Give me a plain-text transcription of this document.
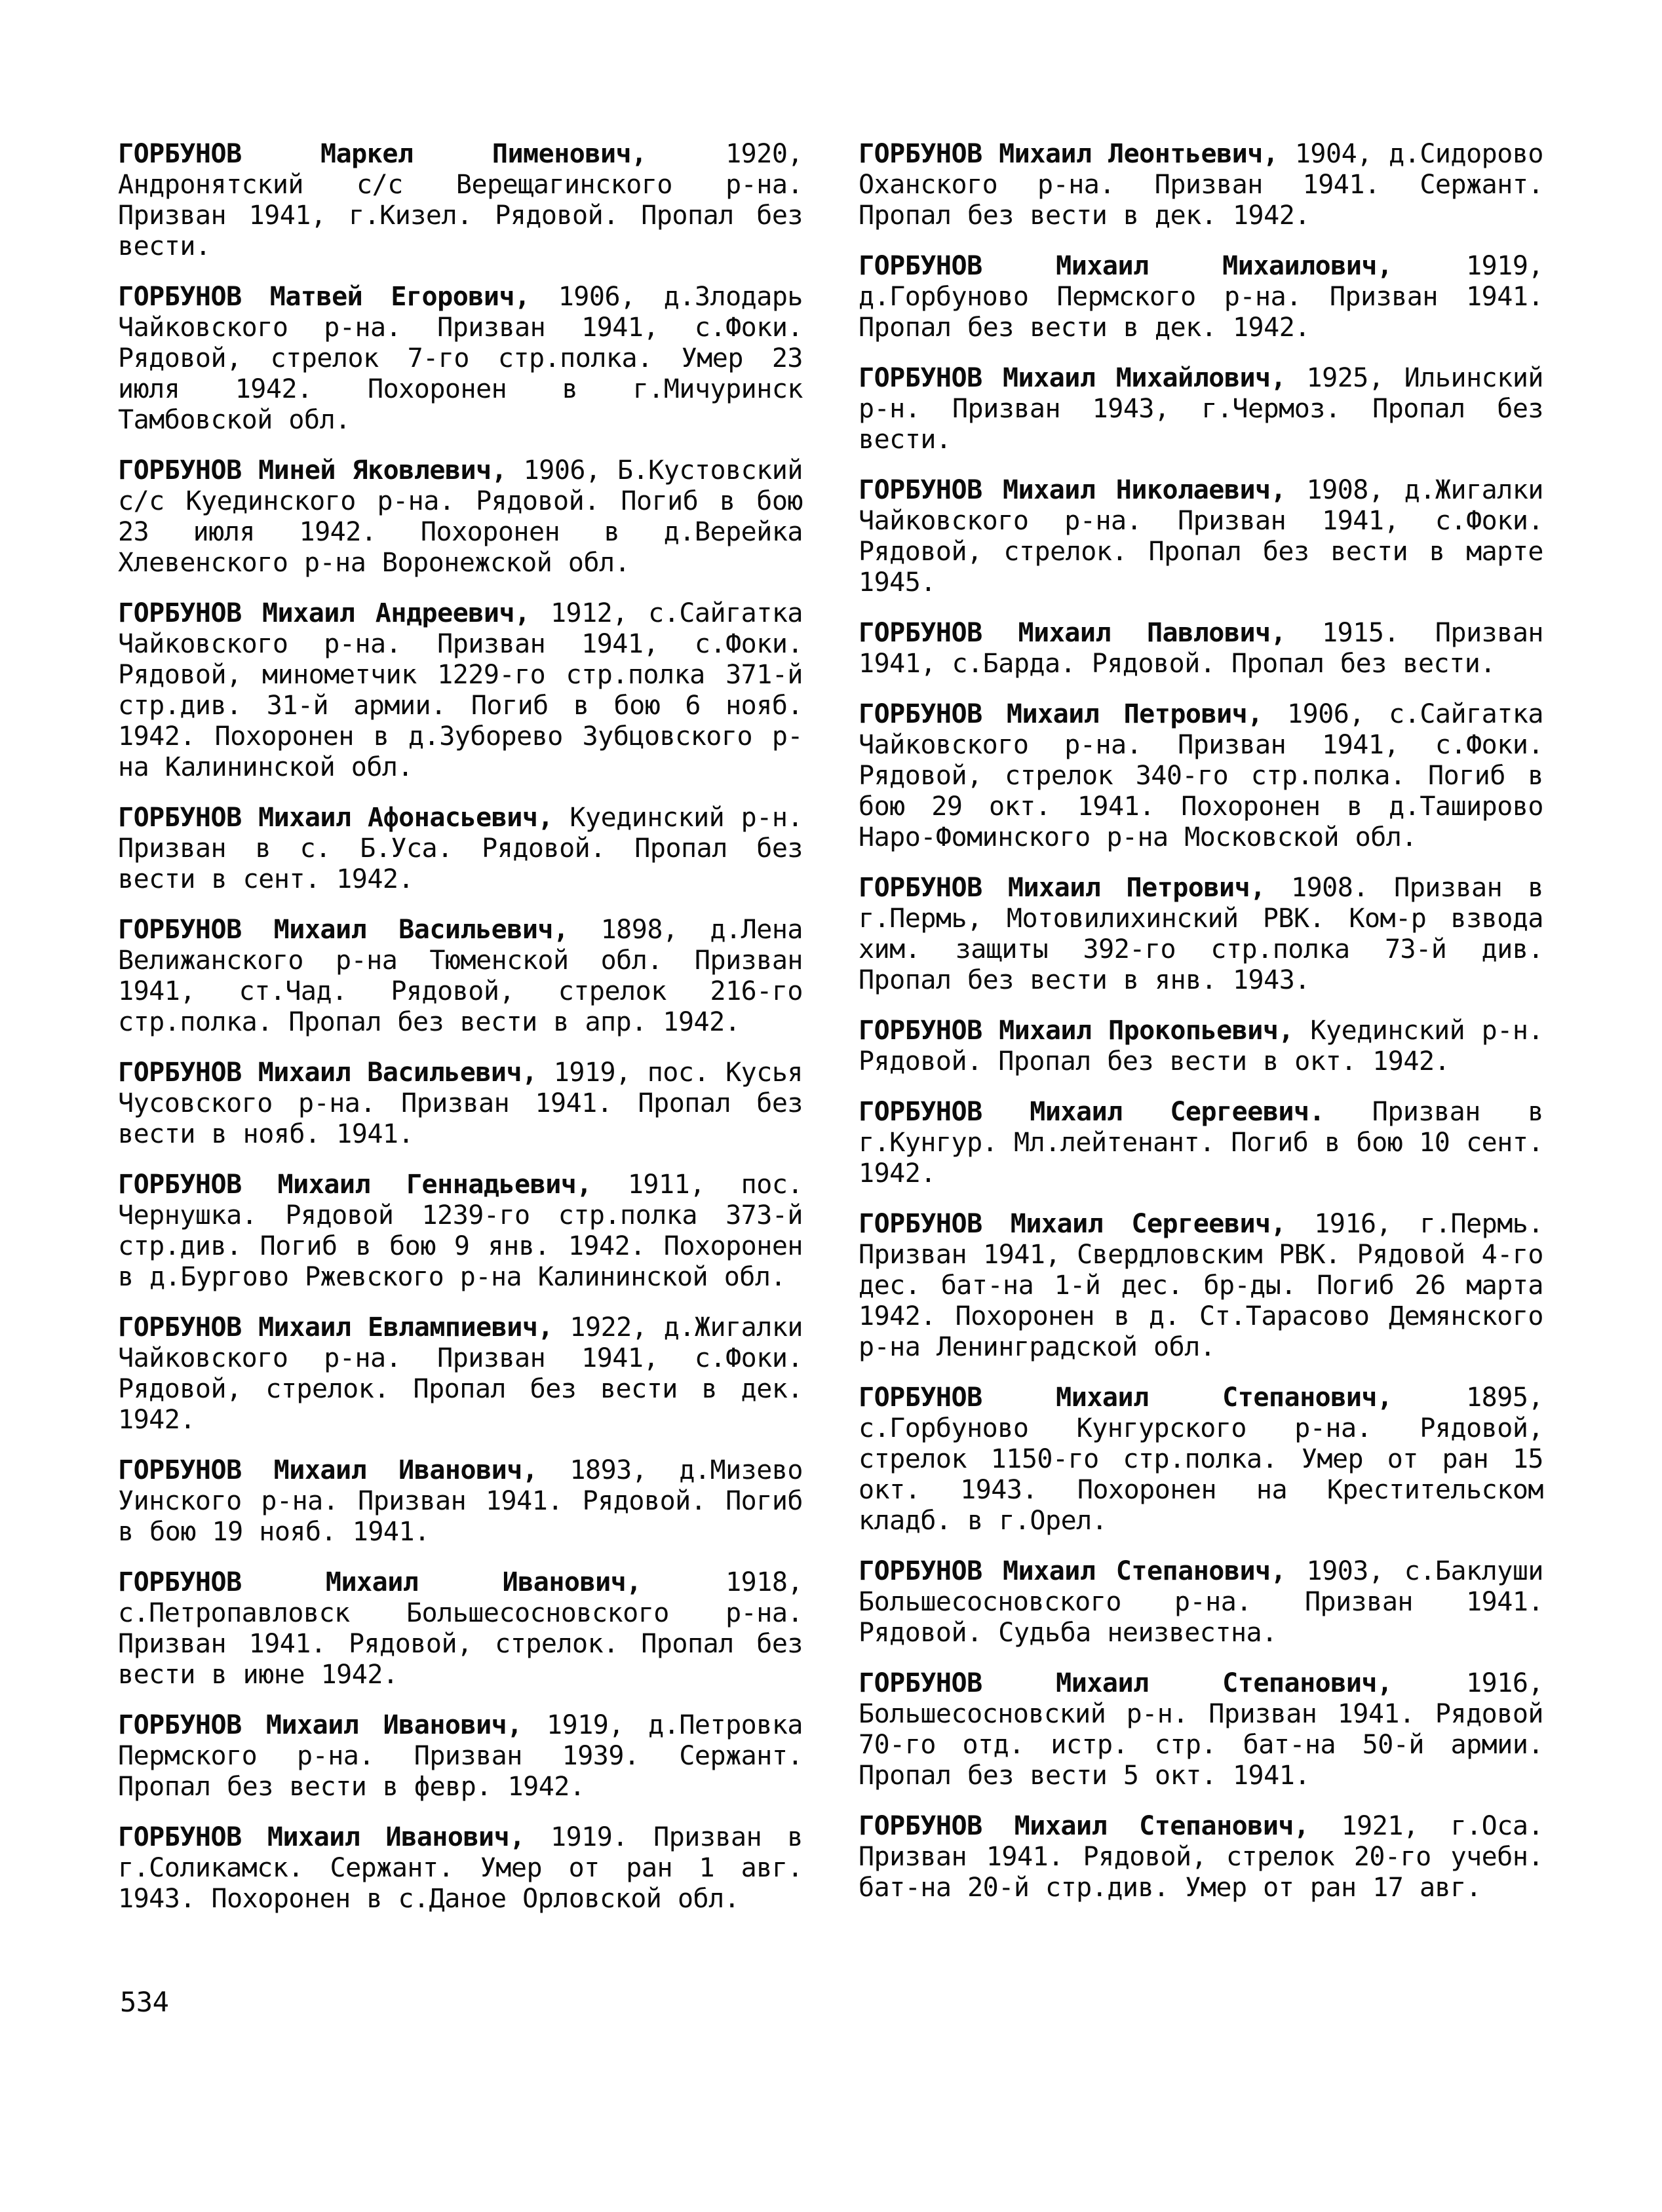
ГОРБУНОВ Маркел Пименович,	1920, Андронятский с/с Верещагинского р-на. Призван 1941, г.Кизел. Рядовой. Пропал без вести.

ГОРБУНОВ Матвей Егорович, 1906, д.Злодарь Чайковского р-на. Призван 1941, с.Фоки. Рядовой, стрелок 7-го стр.полка. Умер 23 июля 1942. Похоронен в г.Мичуринск Тамбовской обл.

ГОРБУНОВ Миней Яковлевич, 1906, Б.Кустовский с/с Куединского р-на. Рядовой. Погиб в бою 23 июля 1942. Похоронен в д.Верейка Хлевенского р-на Воронежской обл.

ГОРБУНОВ Михаил Андреевич, 1912, с.Сайгатка Чайковского р-на. Призван 1941, с.Фоки. Рядовой, минометчик 1229-го стр.полка 371-й стр.див. 31-й армии. Погиб в бою 6 нояб. 1942. Похоронен в д.Зуборево Зубцовского р-на Калининской обл.

ГОРБУНОВ Михаил Афонасьевич, Куединский р-н. Призван в с. Б.Уса. Рядовой. Пропал без вести в сент. 1942.

ГОРБУНОВ Михаил Васильевич, 1898, д.Лена Велижанского р-на Тюменской обл. Призван 1941, ст.Чад. Рядовой, стрелок 216-го стр.полка. Пропал без вести в апр. 1942.

ГОРБУНОВ Михаил Васильевич, 1919, пос. Кусья Чусовского р-на. Призван 1941. Пропал без вести в нояб. 1941.

ГОРБУНОВ Михаил Геннадьевич, 1911, пос. Чернушка. Рядовой 1239-го стр.полка 373-й стр.див. Погиб в бою 9 янв. 1942. Похоронен в д.Бургово Ржевского р-на Калининской обл.

ГОРБУНОВ Михаил Евлампиевич, 1922, д.Жигалки Чайковского р-на. Призван 1941, с.Фоки. Рядовой, стрелок. Пропал без вести в дек. 1942.

ГОРБУНОВ Михаил Иванович, 1893, д.Мизево Уинского р-на. Призван 1941. Рядовой. Погиб в бою 19 нояб. 1941.

ГОРБУНОВ Михаил Иванович,	1918, с.Петропавловск Большесосновского р-на. Призван 1941. Рядовой, стрелок. Пропал без вести в июне 1942.

ГОРБУНОВ Михаил Иванович, 1919, д.Петровка Пермского р-на. Призван 1939. Сержант. Пропал без вести в февр. 1942.

ГОРБУНОВ Михаил Иванович, 1919. Призван в г.Соликамск. Сержант. Умер от ран 1 авг. 1943. Похоронен в с.Даное Орловской обл.

ГОРБУНОВ Михаил Леонтьевич, 1904, д.Сидорово Оханского р-на. Призван 1941. Сержант. Пропал без вести в дек. 1942.

ГОРБУНОВ Михаил Михаилович,	1919, д.Горбуново Пермского р-на. Призван 1941. Пропал без вести в дек. 1942.

ГОРБУНОВ Михаил Михайлович, 1925, Ильинский р-н. Призван 1943, г.Чермоз. Пропал без вести.

ГОРБУНОВ Михаил Николаевич, 1908, д.Жигалки Чайковского р-на. Призван 1941, с.Фоки. Рядовой, стрелок. Пропал без вести в марте 1945.

ГОРБУНОВ Михаил Павлович, 1915. Призван 1941, с.Барда. Рядовой. Пропал без вести.

ГОРБУНОВ Михаил Петрович, 1906, с.Сайгатка Чайковского р-на. Призван 1941, с.Фоки. Рядовой, стрелок 340-го стр.полка. Погиб в бою 29 окт. 1941. Похоронен в д.Таширово Наро-Фоминского р-на Московской обл.

ГОРБУНОВ Михаил Петрович, 1908. Призван в г.Пермь, Мотовилихинский РВК. Ком-р взвода хим. защиты 392-го стр.полка 73-й див. Пропал без вести в янв. 1943.

ГОРБУНОВ Михаил Прокопьевич, Куединский р-н. Рядовой. Пропал без вести в окт. 1942.

ГОРБУНОВ Михаил Сергеевич. Призван в г.Кунгур. Мл.лейтенант. Погиб в бою 10 сент. 1942.

ГОРБУНОВ Михаил Сергеевич, 1916, г.Пермь. Призван 1941, Свердловским РВК. Рядовой 4-го дес. бат-на 1-й дес. бр-ды. Погиб 26 марта 1942. Похоронен в д. Ст.Тарасово Демянского р-на Ленинградской обл.

ГОРБУНОВ Михаил Степанович,	1895, с.Горбуново Кунгурского р-на. Рядовой, стрелок 1150-го стр.полка. Умер от ран 15 окт. 1943. Похоронен на Крестительском кладб. в г.Орел.

ГОРБУНОВ Михаил Степанович, 1903, с.Баклуши Большесосновского р-на. Призван 1941. Рядовой. Судьба неизвестна.

ГОРБУНОВ Михаил Степанович,	1916, Большесосновский р-н. Призван 1941. Рядовой 70-го отд. истр. стр. бат-на 50-й армии. Пропал без вести 5 окт. 1941.

ГОРБУНОВ Михаил Степанович, 1921, г.Оса. Призван 1941. Рядовой, стрелок 20-го учебн. бат-на 20-й стр.див. Умер от ран 17 авг.

534
